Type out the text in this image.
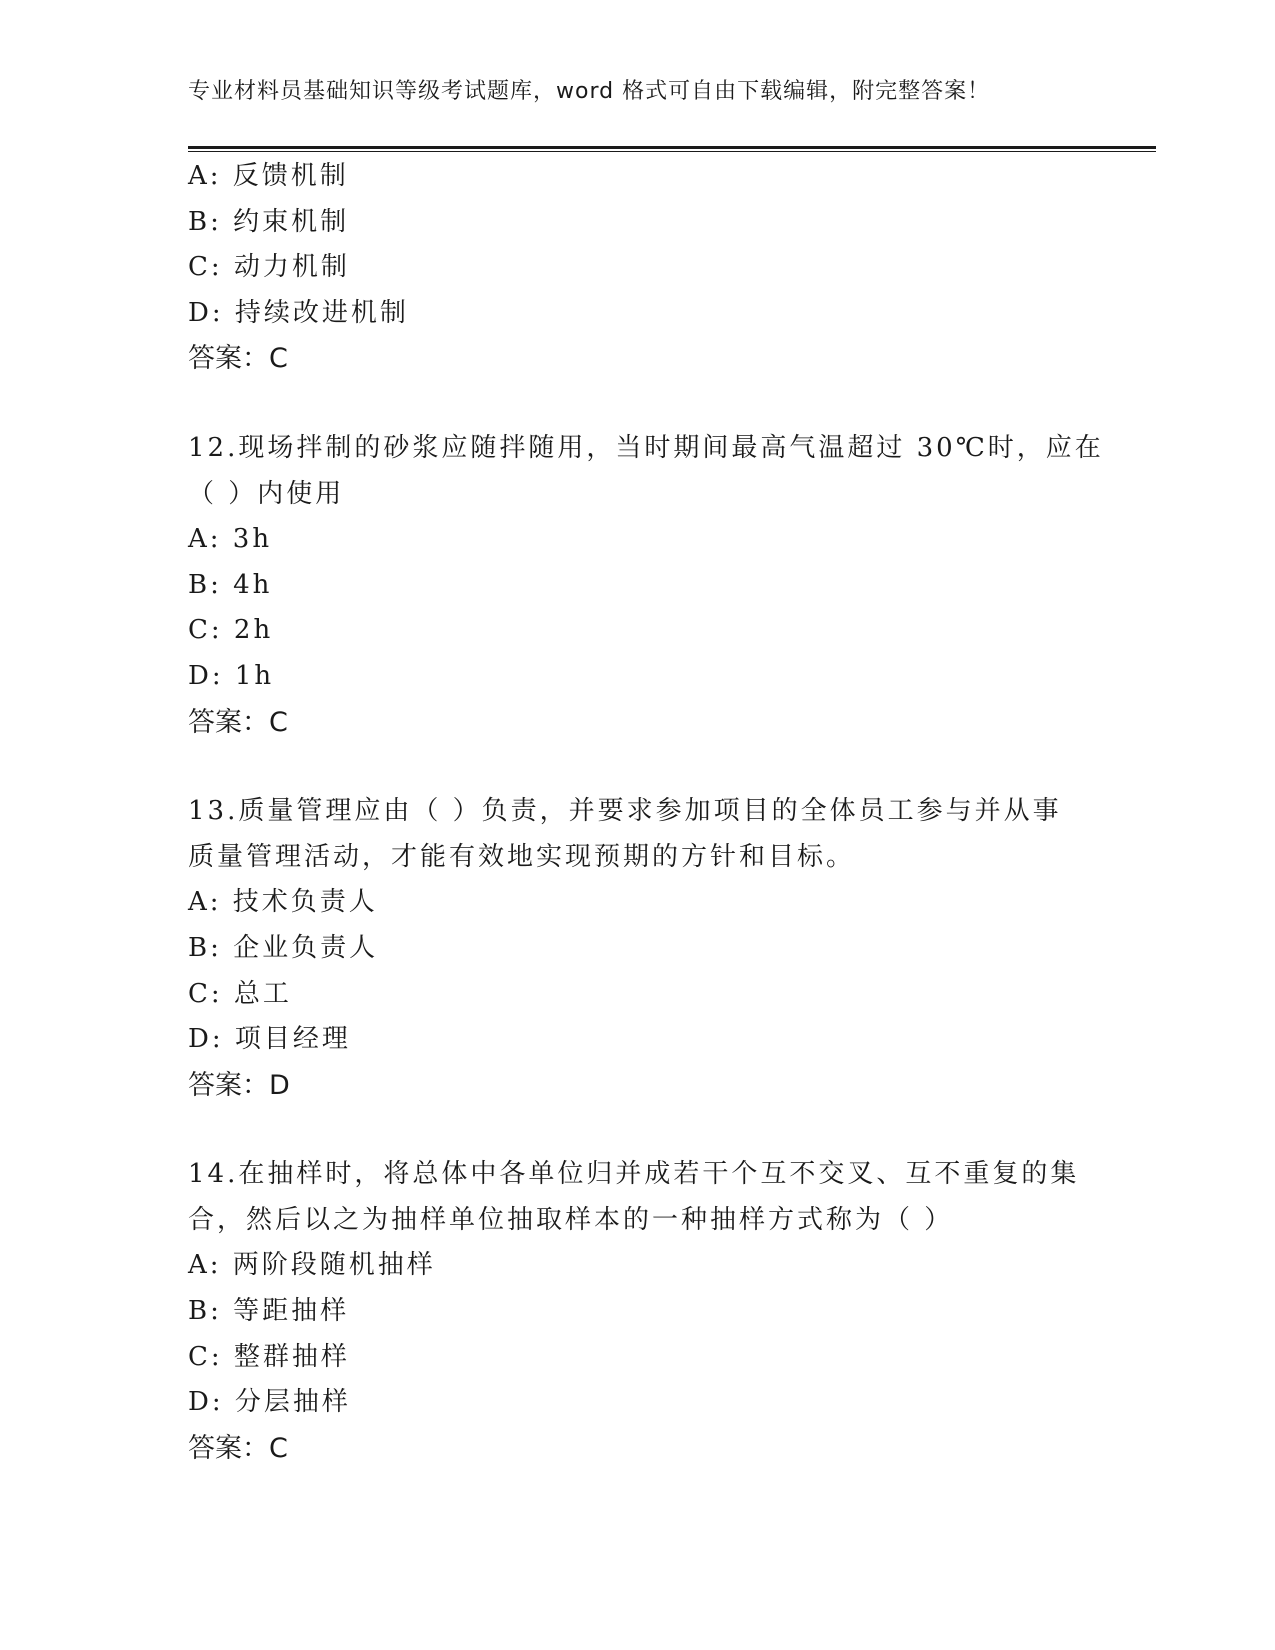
专业材料员基础知识等级考试题库，word 格式可自由下载编辑，附完整答案！
A: 反馈机制
B: 约束机制
C: 动力机制
D: 持续改进机制
答案：C
12.现场拌制的砂浆应随拌随用，当时期间最高气温超过 30℃时，应在
（ ）内使用
A: 3h
B: 4h
C: 2h
D: 1h
答案：C
13.质量管理应由（ ）负责，并要求参加项目的全体员工参与并从事
质量管理活动，才能有效地实现预期的方针和目标。
A: 技术负责人
B: 企业负责人
C: 总工
D: 项目经理
答案：D
14.在抽样时，将总体中各单位归并成若干个互不交叉、互不重复的集
合，然后以之为抽样单位抽取样本的一种抽样方式称为（ ）
A: 两阶段随机抽样
B: 等距抽样
C: 整群抽样
D: 分层抽样
答案：C
